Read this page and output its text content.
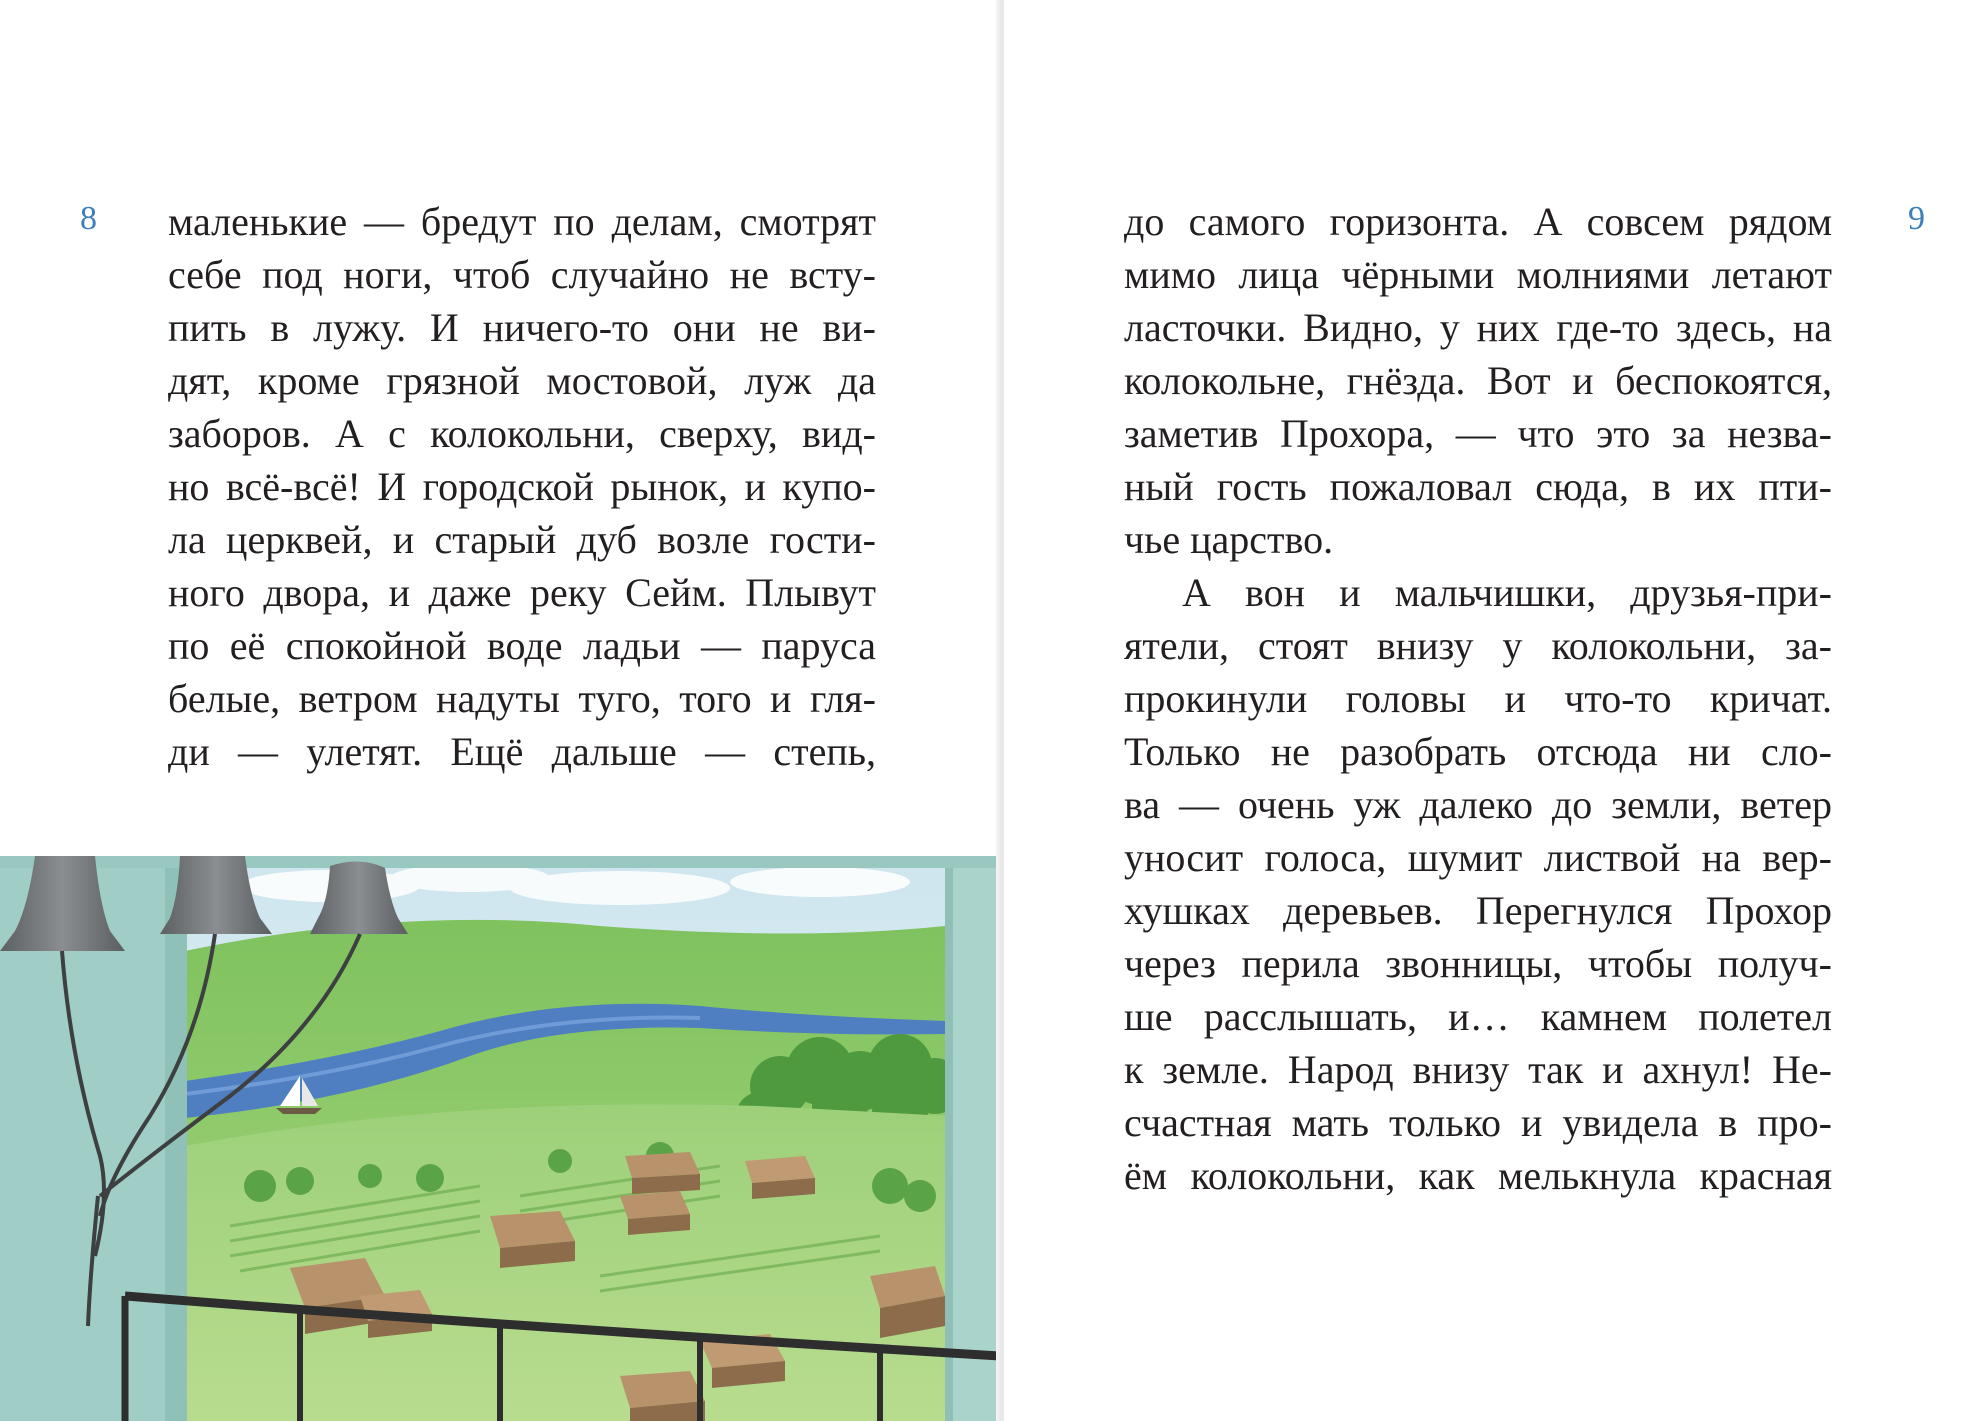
8 маленькие — бредут по делам, смотрят
себе под ноги, чтоб случайно не всту-
пить в лужу. И ничего-то они не ви-
дят, кроме грязной мостовой, луж да
заборов. А с колокольни, сверху, вид-
но всё-всё! И городской рынок, и купо-
ла церквей, и старый дуб возле гости-
ного двора, и даже реку Сейм. Плывут
по её спокойной воде ладьи — паруса
белые, ветром надуты туго, того и гля-
ди — улетят. Ещё дальше — степь,
9
до самого горизонта. А совсем рядом
мимо лица чёрными молниями летают
ласточки. Видно, у них где-то здесь, на
колокольне, гнёзда. Вот и беспокоятся,
заметив Прохора, — что это за незва-
ный гость пожаловал сюда, в их пти-
чье царство.
А вон и мальчишки, друзья-при-
ятели, стоят внизу у колокольни, за-
прокинули головы и что-то кричат.
Только не разобрать отсюда ни сло-
ва — очень уж далеко до земли, ветер
уносит голоса, шумит листвой на вер-
хушках деревьев. Перегнулся Прохор
через перила звонницы, чтобы получ-
ше расслышать, и… камнем полетел
к земле. Народ внизу так и ахнул! Не-
счастная мать только и увидела в про-
ём колокольни, как мелькнула красная
